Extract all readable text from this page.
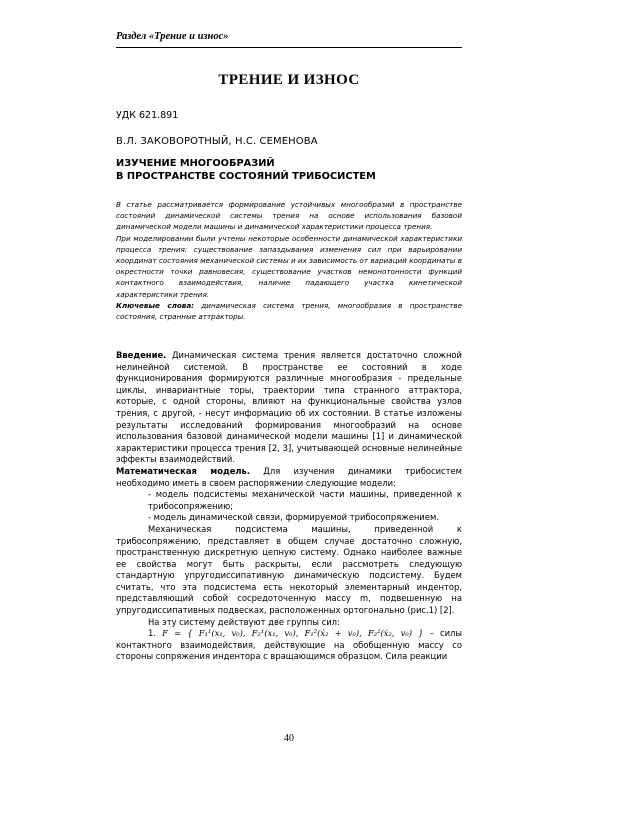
Раздел «Трение и износ»
ТРЕНИЕ И ИЗНОС
УДК 621.891
В.Л. ЗАКОВОРОТНЫЙ, Н.С. СЕМЕНОВА
ИЗУЧЕНИЕ МНОГООБРАЗИЙ
В ПРОСТРАНСТВЕ СОСТОЯНИЙ ТРИБОСИСТЕМ

В статье рассматривается формирование устойчивых многообразий в пространстве состояний динамической системы трения на основе использования базовой динамической модели машины и динамической характеристики процесса трения.

При моделировании были учтены некоторые особенности динамической характеристики процесса трения: существование запаздывания изменения сил при варьировании координат состояния механической системы и их зависимость от вариаций координаты в окрестности точки равновесия, существование участков немонотонности функций контактного взаимодействия, наличие падающего участка кинетической характеристики трения.

Ключевые слова: динамическая система трения, многообразия в пространстве состояния, странные аттракторы.

Введение. Динамическая система трения является достаточно сложной нелинейной системой. В пространстве ее состояний в ходе функционирования формируются различные многообразия - предельные циклы, инвариантные торы, траектории типа странного аттрактора, которые, с одной стороны, влияют на функциональные свойства узлов трения, с другой, - несут информацию об их состоянии. В статье изложены результаты исследований формирования многообразий на основе использования базовой динамической модели машины [1] и динамической характеристики процесса трения [2, 3], учитывающей основные нелинейные эффекты взаимодействий.

Математическая модель. Для изучения динамики трибосистем необходимо иметь в своем распоряжении следующие модели:

- модель подсистемы механической части машины, приведенной к трибосопряжению;

- модель динамической связи, формируемой трибосопряжением.

Механическая подсистема машины, приведенной к трибосопряжению, представляет в общем случае достаточно сложную, пространственную дискретную цепную систему. Однако наиболее важные ее свойства могут быть раскрыты, если рассмотреть следующую стандартную упругодиссипативную динамическую подсистему. Будем считать, что эта подсистема есть некоторый элементарный индентор, представляющий собой сосредоточенную массу m, подвешенную на упругодиссипативных подвесках, расположенных ортогонально (рис.1) [2].

На эту систему действуют две группы сил:

1. F = { F₁¹(x₁, v₀), F₂¹(x₁, v₀), F₁²(ẋ₂ + v₀), F₂²(ẋ₂, v₀) } – силы контактного взаимодействия, действующие на обобщенную массу со стороны сопряжения индентора с вращающимся образцом. Сила реакции

40
